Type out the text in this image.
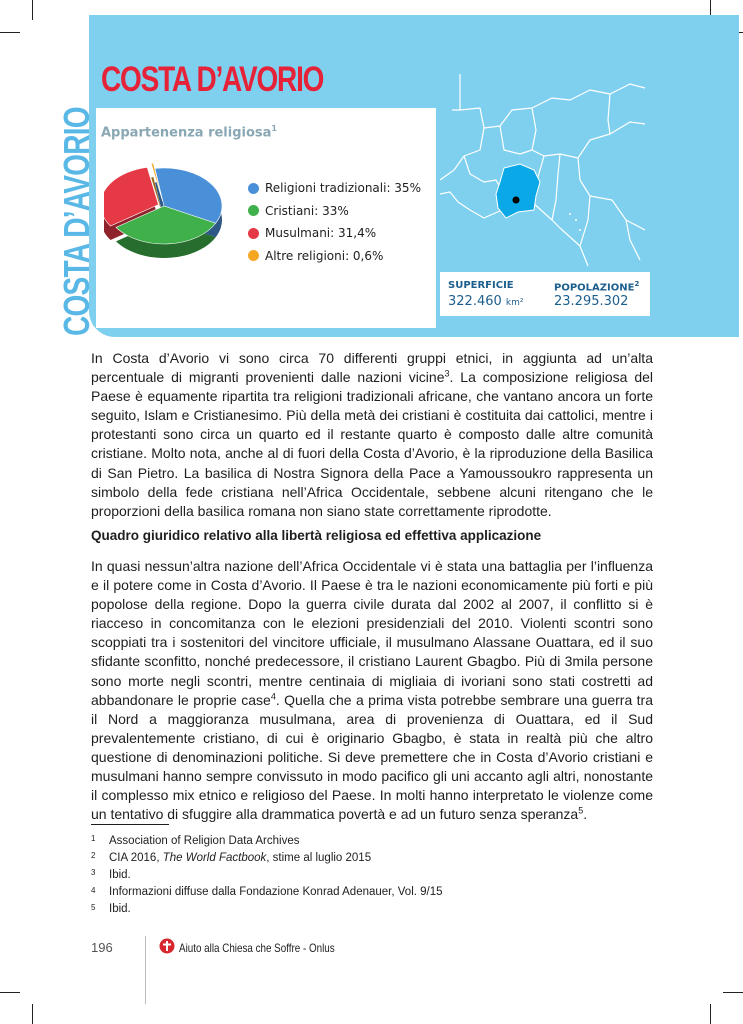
COSTA D’AVORIO
COSTA D’AVORIO Appartenenza religiosa$^1$
Religioni tradizionali: 35%
Cristiani: 33%
Musulmani: 31,4%
Altre religioni: 0,6%
SUPERFICIE	POPOLAZIONE$^2$
322.460 km² 23.295.302
In Costa d’Avorio vi sono circa 70 differenti gruppi etnici, in aggiunta ad un’alta percentuale di migranti provenienti dalle nazioni vicine$^3$. La composizione religiosa del Paese è equamente ripartita tra religioni tradizionali africane, che vantano ancora un forte seguito, Islam e Cristianesimo. Più della metà dei cristiani è costituita dai cattolici, mentre i protestanti sono circa un quarto ed il restante quarto è composto dalle altre comunità cristiane. Molto nota, anche al di fuori della Costa d’Avorio, è la riproduzione della Basilica di San Pietro. La basilica di Nostra Signora della Pace a Yamoussoukro rappresenta un simbolo della fede cristiana nell’Africa Occidentale, sebbene alcuni ritengano che le proporzioni della basilica romana non siano state correttamente riprodotte.
Quadro giuridico relativo alla libertà religiosa ed effettiva applicazione
In quasi nessun’altra nazione dell’Africa Occidentale vi è stata una battaglia per l’influenza e il potere come in Costa d’Avorio. Il Paese è tra le nazioni economicamente più forti e più popolose della regione. Dopo la guerra civile durata dal 2002 al 2007, il conflitto si è riacceso in concomitanza con le elezioni presidenziali del 2010. Violenti scontri sono scoppiati tra i sostenitori del vincitore ufficiale, il musulmano Alassane Ouattara, ed il suo sfidante sconfitto, nonché predecessore, il cristiano Laurent Gbagbo. Più di 3mila persone sono morte negli scontri, mentre centinaia di migliaia di ivoriani sono stati costretti ad abbandonare le proprie case$^4$. Quella che a prima vista potrebbe sembrare una guerra tra il Nord a maggioranza musulmana, area di provenienza di Ouattara, ed il Sud prevalentemente cristiano, di cui è originario Gbagbo, è stata in realtà più che altro questione di denominazioni politiche. Si deve premettere che in Costa d’Avorio cristiani e musulmani hanno sempre convissuto in modo pacifico gli uni accanto agli altri, nonostante il complesso mix etnico e religioso del Paese. In molti hanno interpretato le violenze come un tentativo di sfuggire alla drammatica povertà e ad un futuro senza speranza$^5$.
1	Association of Religion Data Archives
2	CIA 2016, The World Factbook, stime al luglio 2015
3	Ibid.
4	Informazioni diffuse dalla Fondazione Konrad Adenauer, Vol. 9/15
5	Ibid.
196	Aiuto alla Chiesa che Soffre - Onlus
